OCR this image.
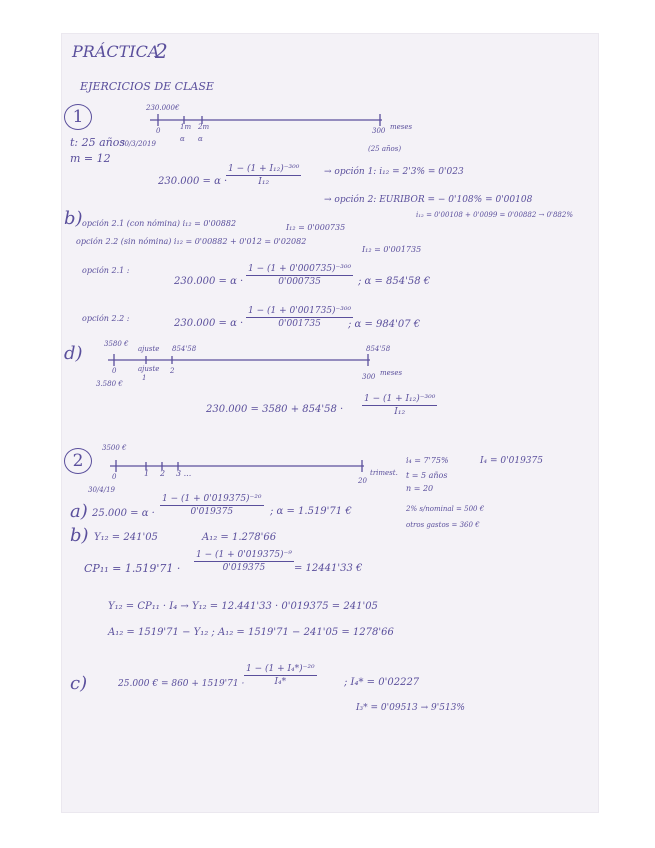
PRÁCTICA
2
EJERCICIOS DE CLASE
1	230.000€
0	1m 2m
α α
300 meses
(25 años)
30/3/2019
t: 25 años
m = 12
230.000 = α ·
$\frac{\text{1 − (1 + I₁₂)⁻³⁰⁰}}{\text{I₁₂}}$	→ opción 1: i₁₂ = 2'3% = 0'023
→ opción 2: EURIBOR = − 0'108% = 0'00108
i₁₂ = 0'00108 + 0'0099 = 0'00882 → 0'882%
b) opción 2.1 (con nómina) i₁₂ = 0'00882	I₁₂ = 0'000735
opción 2.2 (sin nómina) i₁₂ = 0'00882 + 0'012 = 0'02082
I₁₂ = 0'001735
opción 2.1 :
$230.000 = \alpha \cdot \frac{\text{1 − (1 + 0'000735)⁻³⁰⁰}}{0'000735}$ ; α = 854'58 €
opción 2.2 :	$230.000 = \alpha \cdot \frac{\text{1 − (1 + 0'001735)⁻³⁰⁰}}{0'001735}$
; α = 984'07 €
d)	3580 €
ajuste 854'58	854'58
0	ajuste
1
2
300 meses
3.580 €
$230.000 = 3580 + 854'58 \cdot \frac{\text{1 − (1 + I₁₂)⁻³⁰⁰}}{\text{I₁₂}}$
2
3500 €
0	1 2 3 ...
20
trimest.
30/4/19
i₄ = 7'75%	I₄ = 0'019375
t = 5 años
n = 20
2% s/nominal = 500 €
otros gastos = 360 €
a) $25.000 = \alpha \cdot \frac{\text{1 − (1 + 0'019375)⁻²⁰}}{0'019375}$ ; α = 1.519'71 €
b) Y₁₂ = 241'05	A₁₂ = 1.278'66
$CP_{11} = 1.519'71 \cdot \frac{\text{1 − (1 + 0'019375)⁻⁹}}{0'019375} = 12441'33$ €
Y₁₂ = CP₁₁ · I₄ → Y₁₂ = 12.441'33 · 0'019375 = 241'05
A₁₂ = 1519'71 − Y₁₂ ; A₁₂ = 1519'71 − 241'05 = 1278'66
c)	25.000 € = $860 + 1519'71 \cdot \frac{\text{1 − (1 + I₄*)⁻²⁰}}{\text{I₄*}}$	; I₄* = 0'02227
I₃* = 0'09513 → 9'513%
